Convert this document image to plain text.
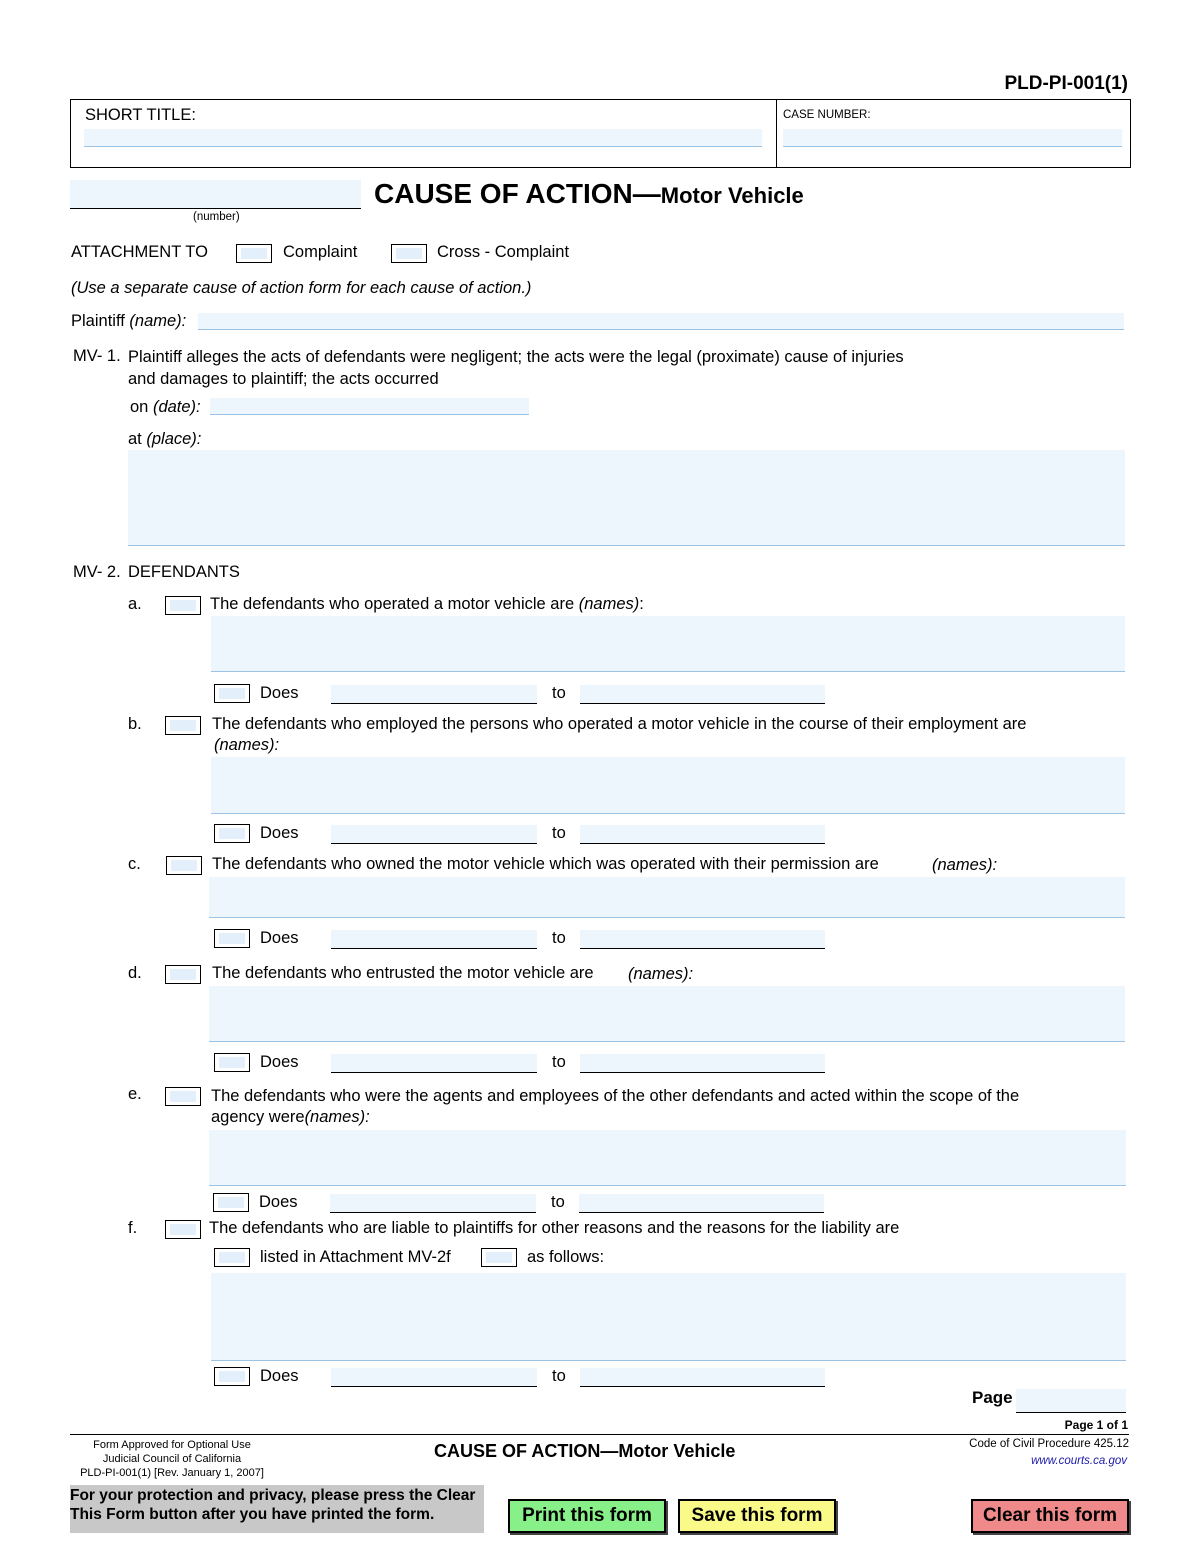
PLD-PI-001(1)
SHORT TITLE:	CASE NUMBER:
(number)
CAUSE OF ACTION—Motor Vehicle
ATTACHMENT TO	Complaint	Cross - Complaint
(Use a separate cause of action form for each cause of action.)
Plaintiff (name):
MV- 1. Plaintiff alleges the acts of defendants were negligent; the acts were the legal (proximate) cause of injuries
and damages to plaintiff; the acts occurred
on (date):
at (place):
MV- 2. DEFENDANTS
a.	The defendants who operated a motor vehicle are (names):
Does	to
b.	The defendants who employed the persons who operated a motor vehicle in the course of their employment are
(names):
Does	to
c.	The defendants who owned the motor vehicle which was operated with their permission are	(names):
Does	to
d.	The defendants who entrusted the motor vehicle are (names):
Does	to
e.	The defendants who were the agents and employees of the other defendants and acted within the scope of the
agency were(names):
Does	to
f.	The defendants who are liable to plaintiffs for other reasons and the reasons for the liability are
listed in Attachment MV-2f	as follows:
Does	to
Page
Page 1 of 1
Form Approved for Optional Use
Judicial Council of California
PLD-PI-001(1) [Rev. January 1, 2007]
CAUSE OF ACTION—Motor Vehicle	Code of Civil Procedure 425.12
www.courts.ca.gov
For your protection and privacy, please press the Clear
This Form button after you have printed the form.	Print this form	Save this form	Clear this form
